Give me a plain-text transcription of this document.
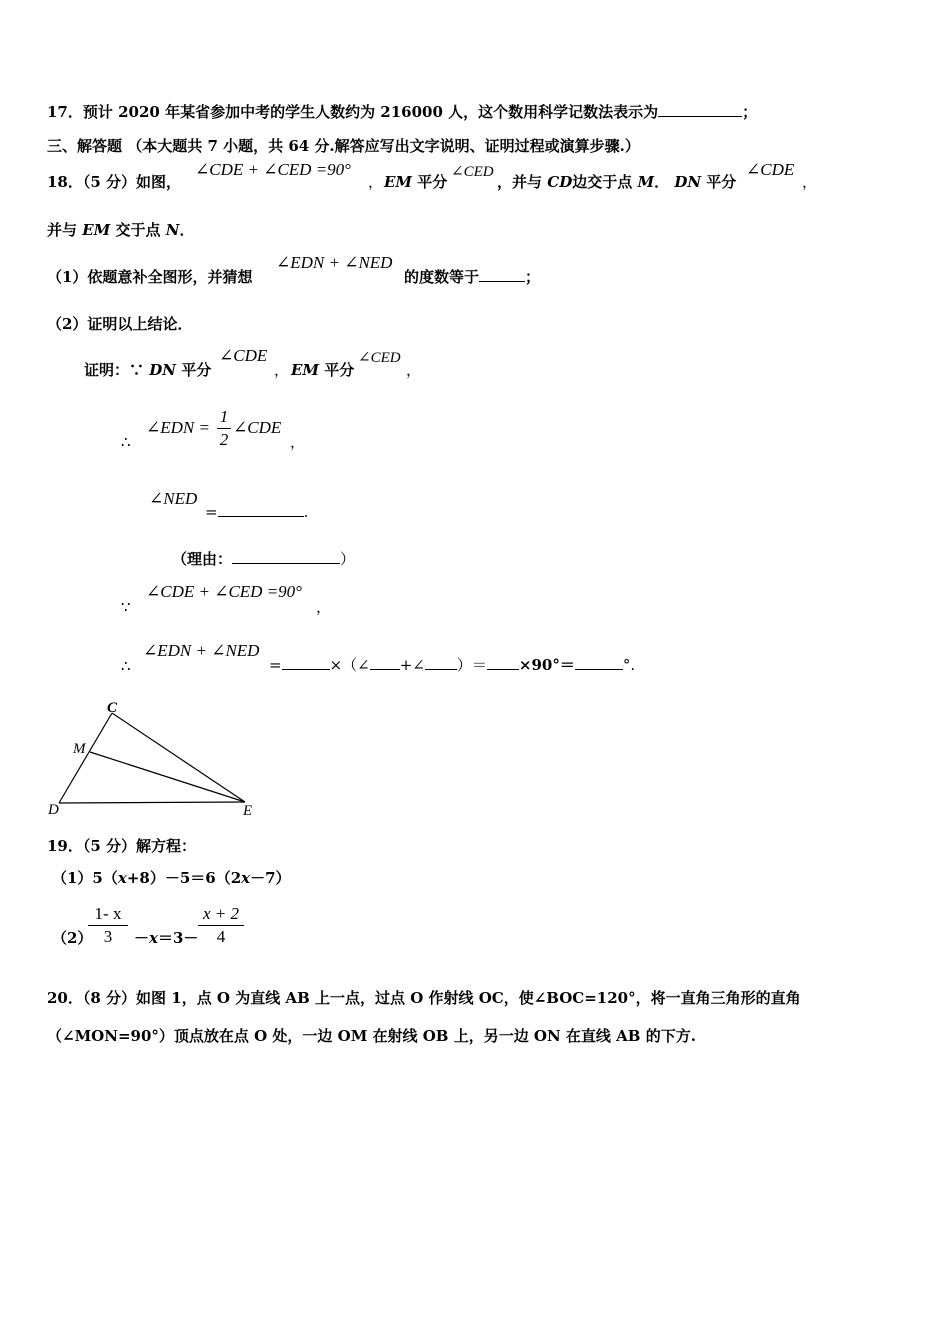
17．预计 2020 年某省参加中考的学生人数约为 216000 人，这个数用科学记数法表示为	；
三、解答题 （本大题共 7 小题，共 64 分.解答应写出文字说明、证明过程或演算步骤.）
18．（5 分）如图，
∠CDE + ∠CED =90°
， EM 平分
∠CED
，并与 CD边交于点 M． DN 平分
∠CDE
，
并与 EM 交于点 N．
（1）依题意补全图形，并猜想
∠EDN + ∠NED
的度数等于	；
（2）证明以上结论．
证明：∵ DN 平分
∠CDE
， EM 平分
∠CED
，
∴
∠EDN =
1
2
∠CDE
，
∠NED
=	.
（理由：	）
∵
∠CDE + ∠CED =90°
，
∴
∠EDN + ∠NED
=	×（∠ +∠ ）＝ ×90°＝	°.
C
M
D	E
19．（5 分）解方程：
（1）5（x+8）－5＝6（2x－7）
（2）
1- x
3	－x＝3－
x + 2
4
20．（8 分）如图 1，点 O 为直线 AB 上一点，过点 O 作射线 OC，使∠BOC=120°，将一直角三角形的直角
（∠MON=90°）顶点放在点 O 处，一边 OM 在射线 OB 上，另一边 ON 在直线 AB 的下方.
